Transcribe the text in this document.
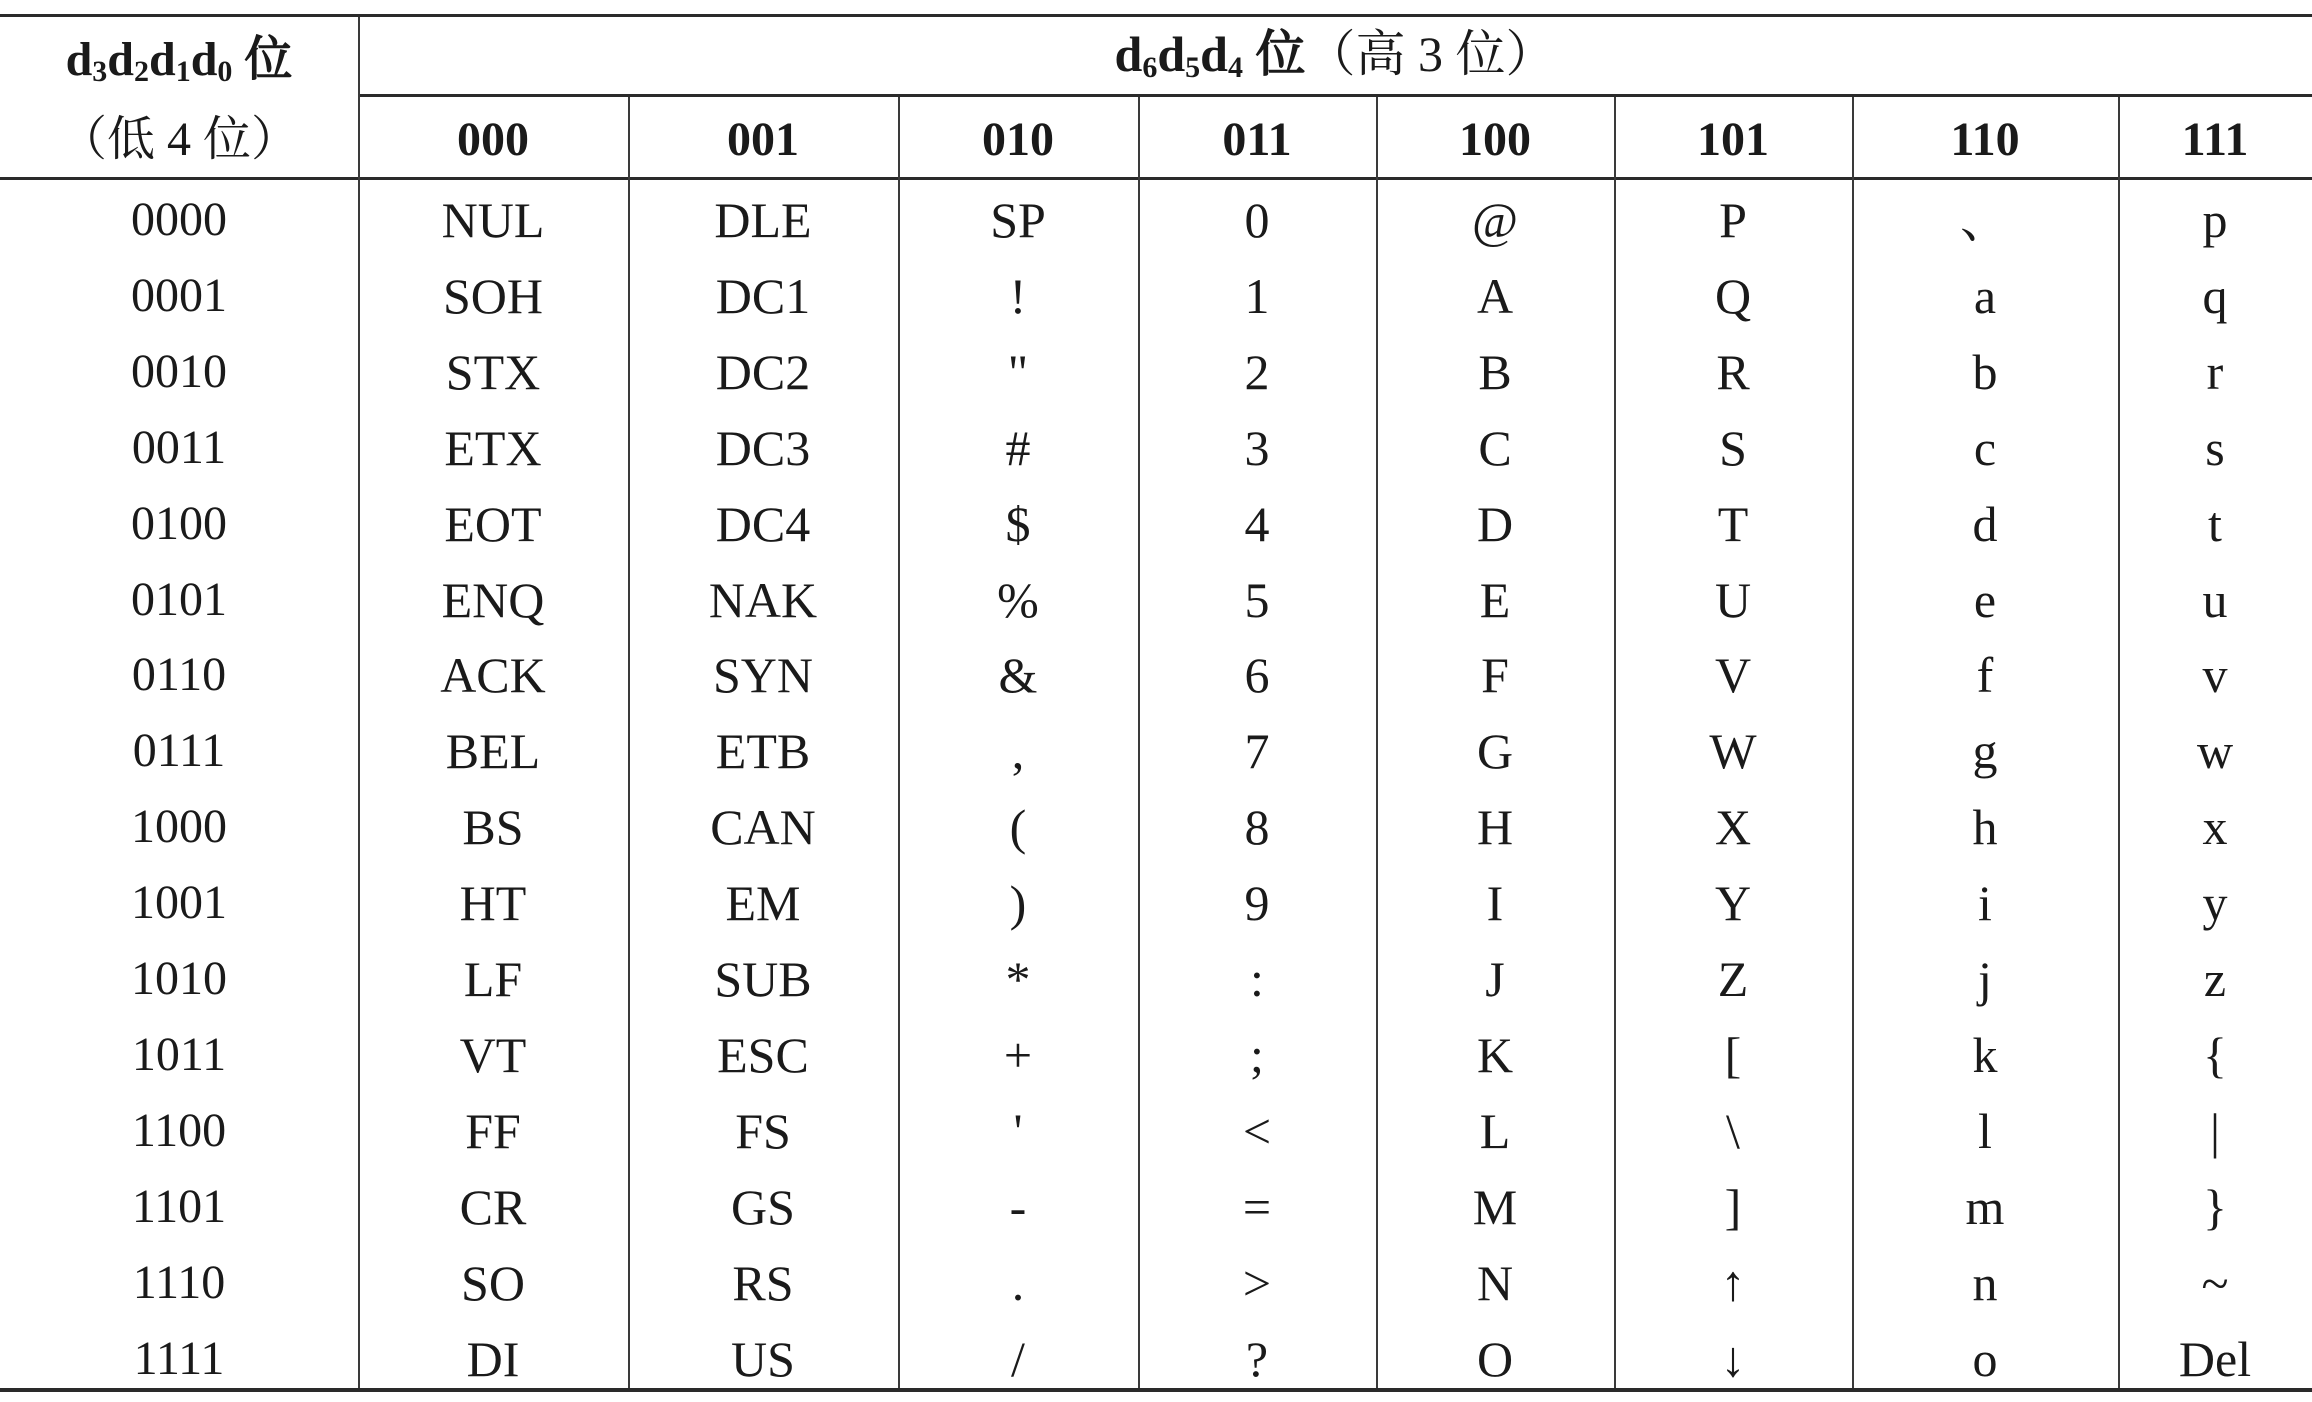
$d_3d_2d_1d_0$ 位
（低 4 位）
$d_6d_5d_4$ 位（高 3 位）
000	001	010	011	100	101	110	111
0000	NUL	DLE	SP	0	@	P	、	p
0001	SOH	DC1	!	1	A	Q	a	q
0010	STX	DC2	"	2	B	R	b	r
0011	ETX	DC3	#	3	C	S	c	s
0100	EOT	DC4	$	4	D	T	d	t
0101	ENQ	NAK	%	5	E	U	e	u
0110	ACK	SYN	&	6	F	V	f	v
0111	BEL	ETB	,	7	G	W	g	w
1000	BS	CAN	(	8	H	X	h	x
1001	HT	EM	)	9	I	Y	i	y
1010	LF	SUB	*	:	J	Z	j	z
1011	VT	ESC	+	;	K	[	k	{
1100	FF	FS	'	<	L	\	l	|
1101	CR	GS	-	=	M	]	m	}
1110	SO	RS	.	>	N	↑	n	~
1111	DI	US	/	?	O	↓	o	Del
